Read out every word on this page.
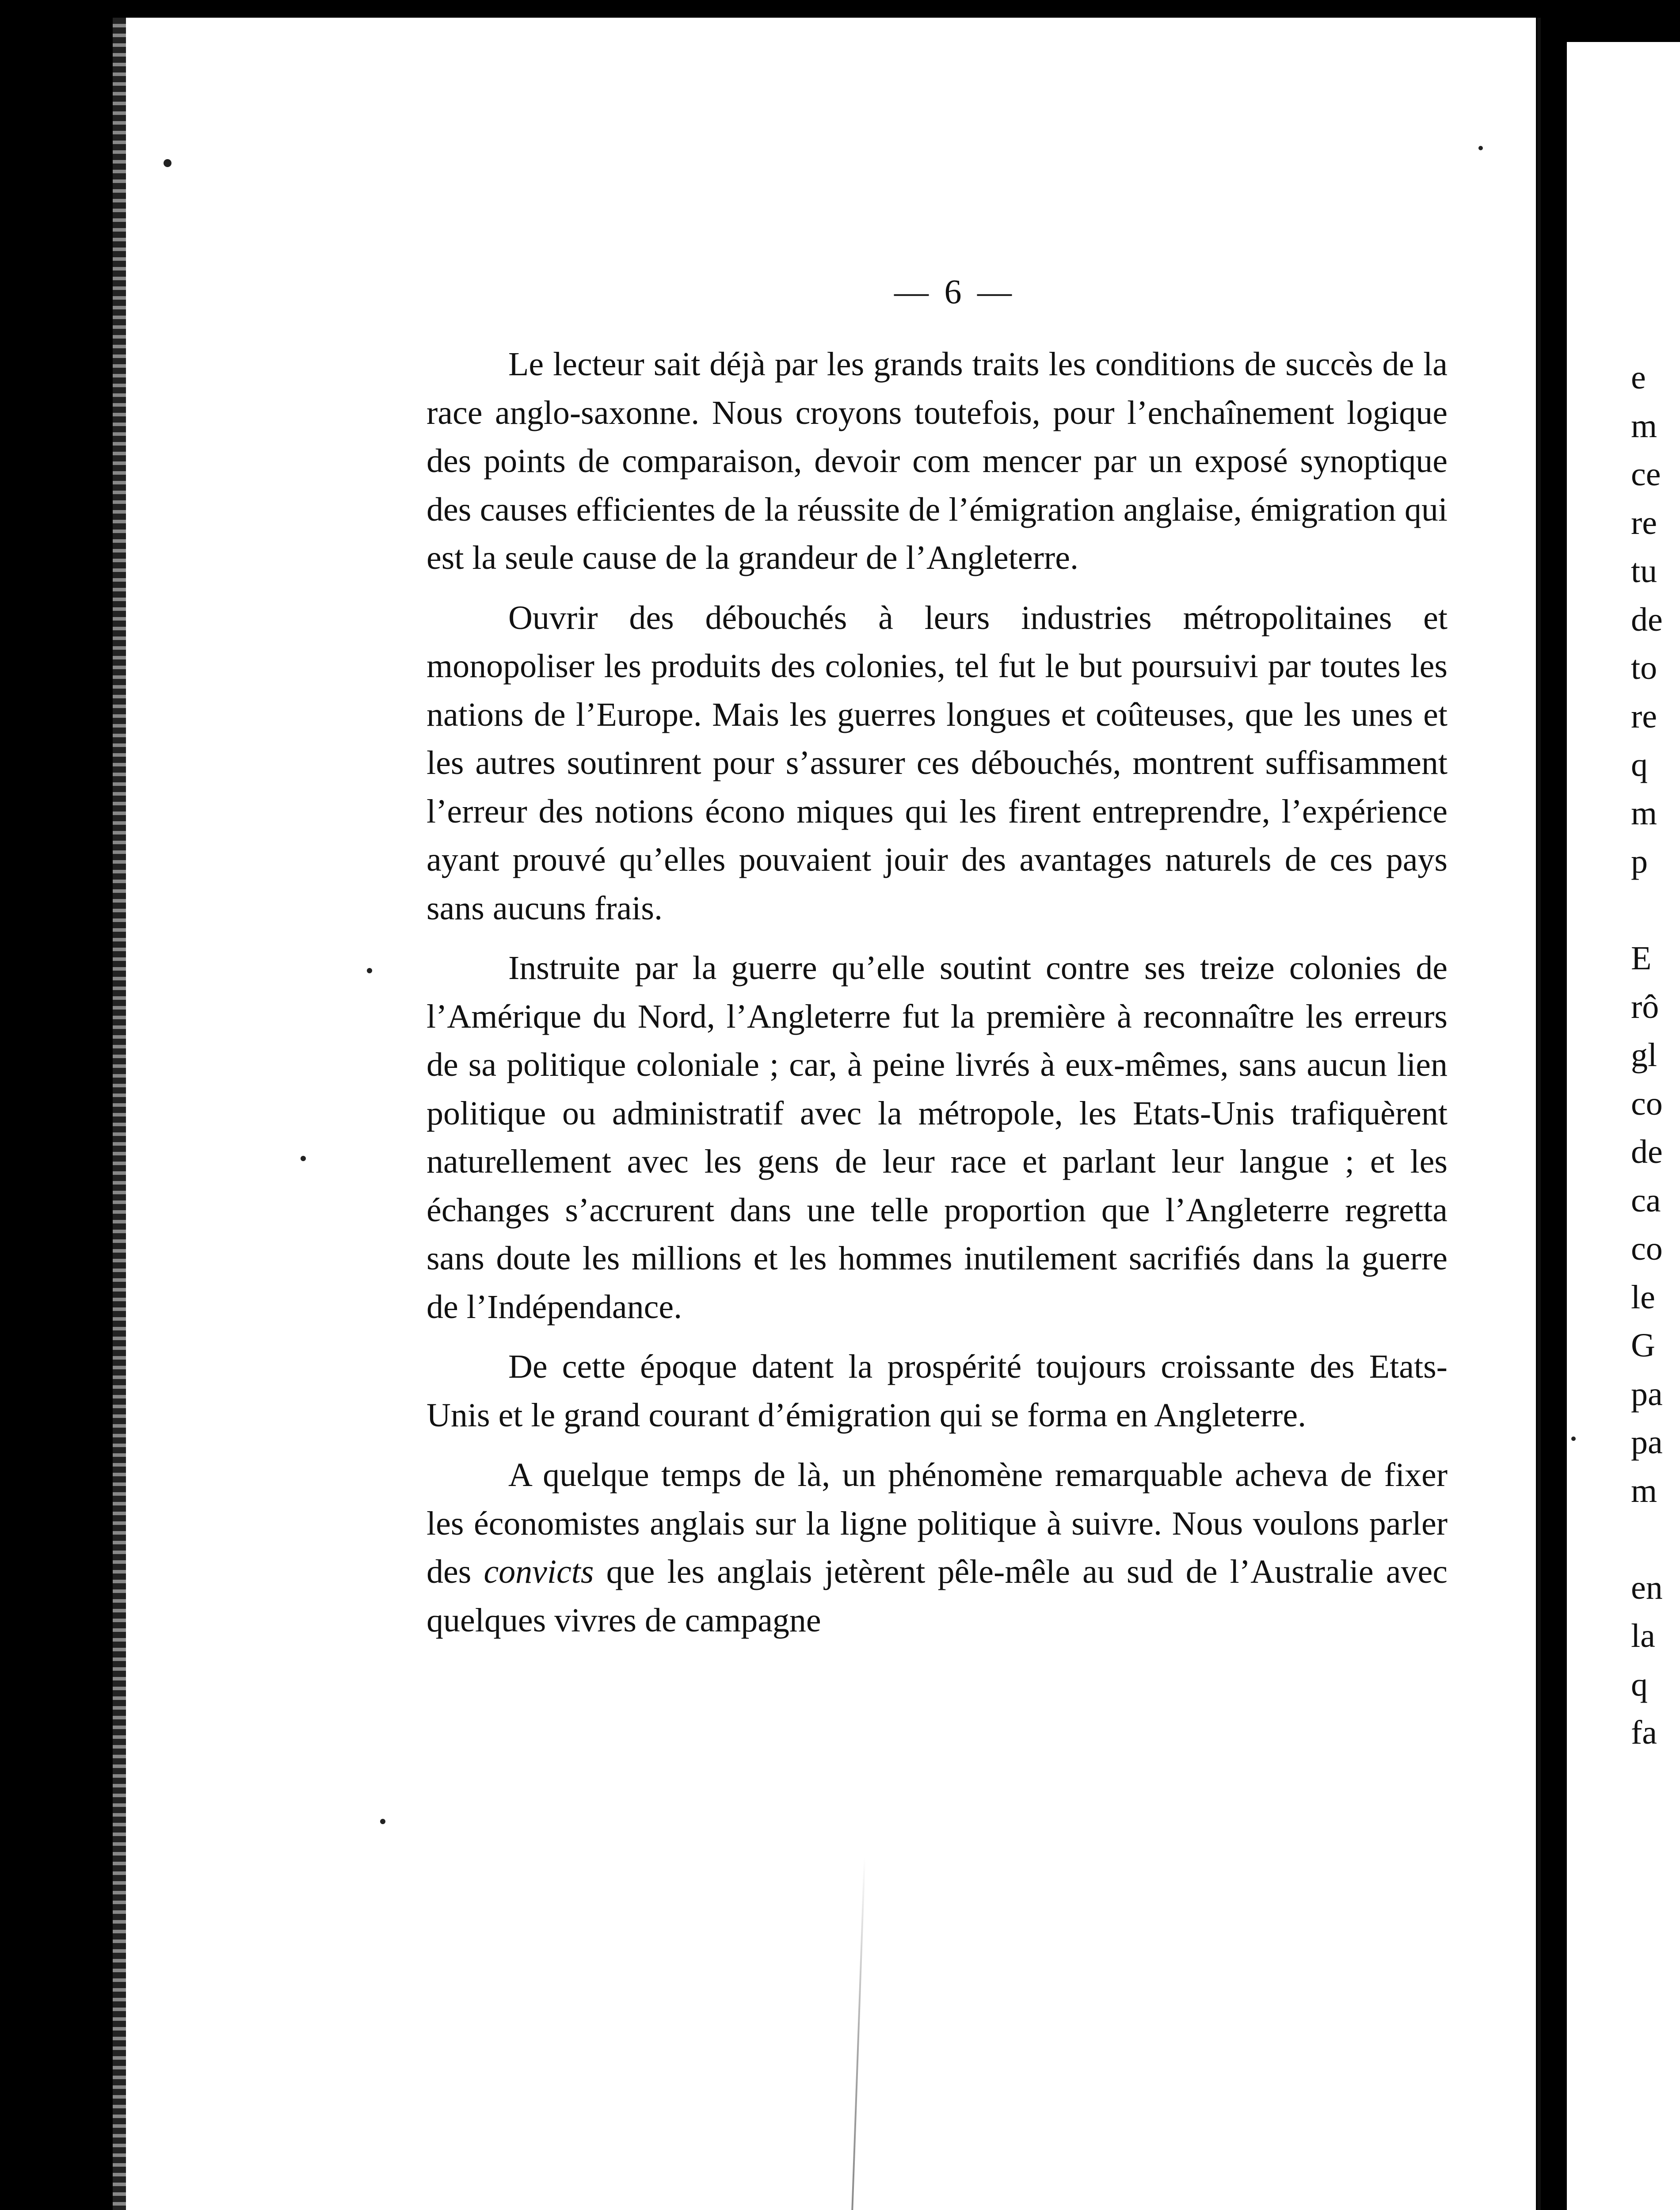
— 6 —

Le lecteur sait déjà par les grands traits les conditions de succès de la race anglo-saxonne. Nous croyons toutefois, pour l’enchaînement logique des points de comparaison, devoir com mencer par un exposé synoptique des causes efficientes de la réussite de l’émigration anglaise, émigration qui est la seule cause de la grandeur de l’Angleterre.

Ouvrir des débouchés à leurs industries métropolitaines et monopoliser les produits des colonies, tel fut le but poursuivi par toutes les nations de l’Europe. Mais les guerres longues et coûteuses, que les unes et les autres soutinrent pour s’assurer ces débouchés, montrent suffisamment l’erreur des notions écono miques qui les firent entreprendre, l’expérience ayant prouvé qu’elles pouvaient jouir des avantages naturels de ces pays sans aucuns frais.

Instruite par la guerre qu’elle soutint contre ses treize colonies de l’Amérique du Nord, l’Angleterre fut la première à reconnaître les erreurs de sa politique coloniale ; car, à peine livrés à eux-mêmes, sans aucun lien politique ou administratif avec la métropole, les Etats-Unis trafiquèrent naturellement avec les gens de leur race et parlant leur langue ; et les échanges s’accrurent dans une telle proportion que l’Angleterre regretta sans doute les millions et les hommes inutilement sacrifiés dans la guerre de l’Indépendance.

De cette époque datent la prospérité toujours croissante des Etats-Unis et le grand courant d’émigration qui se forma en Angleterre.

A quelque temps de là, un phénomène remarquable acheva de fixer les économistes anglais sur la ligne politique à suivre. Nous voulons parler des convicts que les anglais jetèrent pêle-mêle au sud de l’Australie avec quelques vivres de campagne

e
m
ce
re
tu
de
to
re
q
m
p

E
rô
gl
co
de
ca
co
le
G
pa
pa
m

en
la
q
fa
